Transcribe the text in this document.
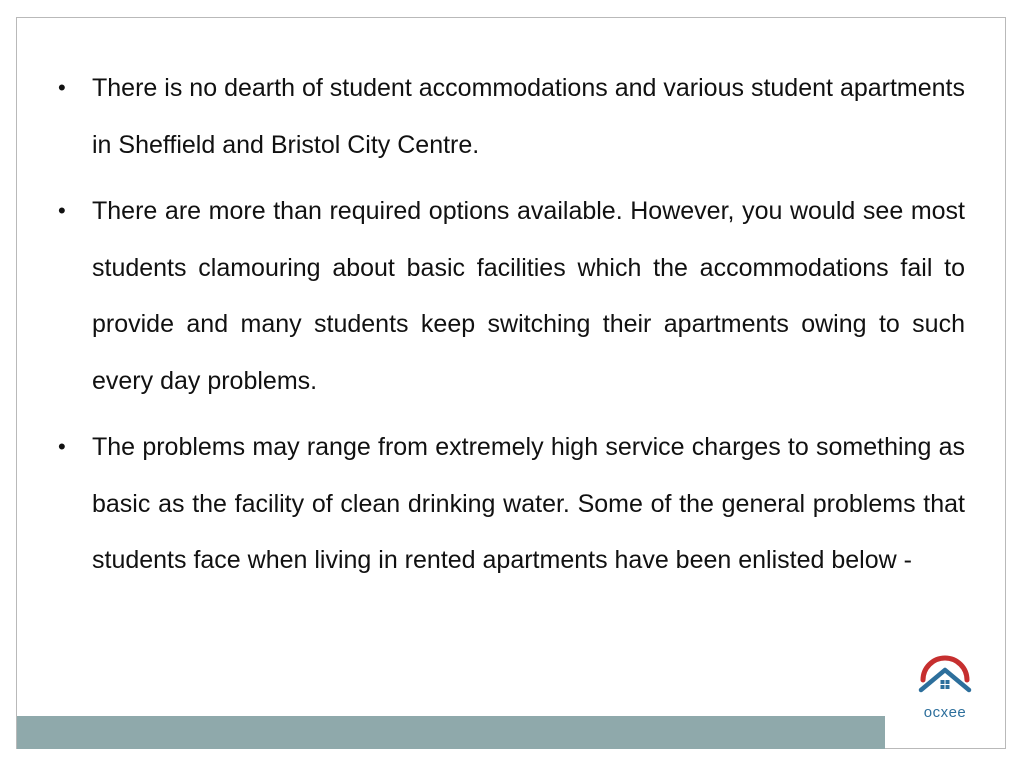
•	There is no dearth of student accommodations and various student apartments in Sheffield and Bristol City Centre.
•	There are more than required options available. However, you would see most students clamouring about basic facilities which the accommodations fail to provide and many students keep switching their apartments owing to such every day problems.
•	The problems may range from extremely high service charges to something as basic as the facility of clean drinking water. Some of the general problems that students face when living in rented apartments have been enlisted below -
ocxee
